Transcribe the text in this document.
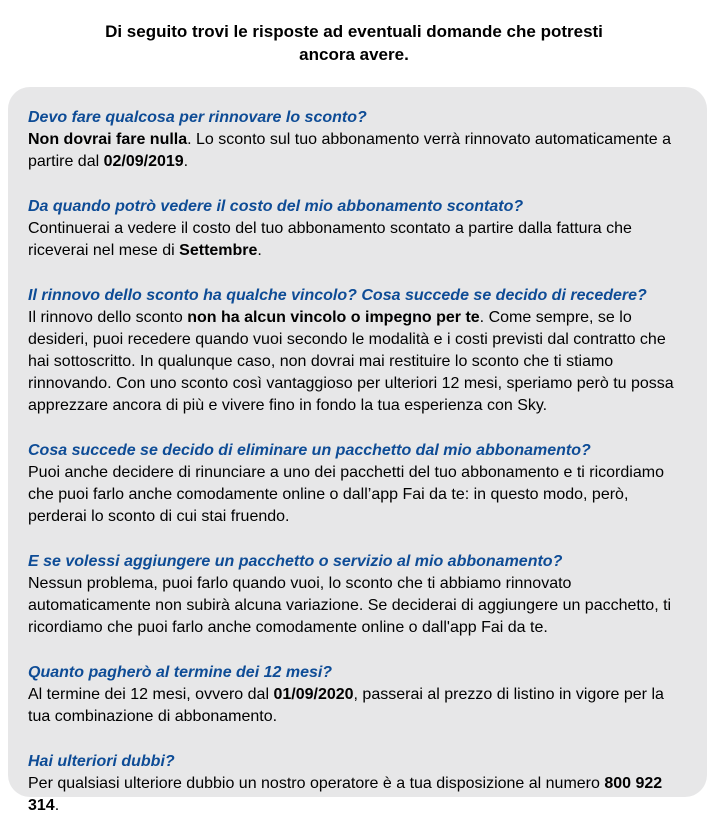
Di seguito trovi le risposte ad eventuali domande che potresti
ancora avere.
Devo fare qualcosa per rinnovare lo sconto?
Non dovrai fare nulla. Lo sconto sul tuo abbonamento verrà rinnovato automaticamente a
partire dal 02/09/2019.
Da quando potrò vedere il costo del mio abbonamento scontato?
Continuerai a vedere il costo del tuo abbonamento scontato a partire dalla fattura che
riceverai nel mese di Settembre.
Il rinnovo dello sconto ha qualche vincolo? Cosa succede se decido di recedere?
Il rinnovo dello sconto non ha alcun vincolo o impegno per te. Come sempre, se lo
desideri, puoi recedere quando vuoi secondo le modalità e i costi previsti dal contratto che
hai sottoscritto. In qualunque caso, non dovrai mai restituire lo sconto che ti stiamo
rinnovando. Con uno sconto così vantaggioso per ulteriori 12 mesi, speriamo però tu possa
apprezzare ancora di più e vivere fino in fondo la tua esperienza con Sky.
Cosa succede se decido di eliminare un pacchetto dal mio abbonamento?
Puoi anche decidere di rinunciare a uno dei pacchetti del tuo abbonamento e ti ricordiamo
che puoi farlo anche comodamente online o dall’app Fai da te: in questo modo, però,
perderai lo sconto di cui stai fruendo.
E se volessi aggiungere un pacchetto o servizio al mio abbonamento?
Nessun problema, puoi farlo quando vuoi, lo sconto che ti abbiamo rinnovato
automaticamente non subirà alcuna variazione. Se deciderai di aggiungere un pacchetto, ti
ricordiamo che puoi farlo anche comodamente online o dall'app Fai da te.
Quanto pagherò al termine dei 12 mesi?
Al termine dei 12 mesi, ovvero dal 01/09/2020, passerai al prezzo di listino in vigore per la
tua combinazione di abbonamento.
Hai ulteriori dubbi?
Per qualsiasi ulteriore dubbio un nostro operatore è a tua disposizione al numero 800 922
314.
